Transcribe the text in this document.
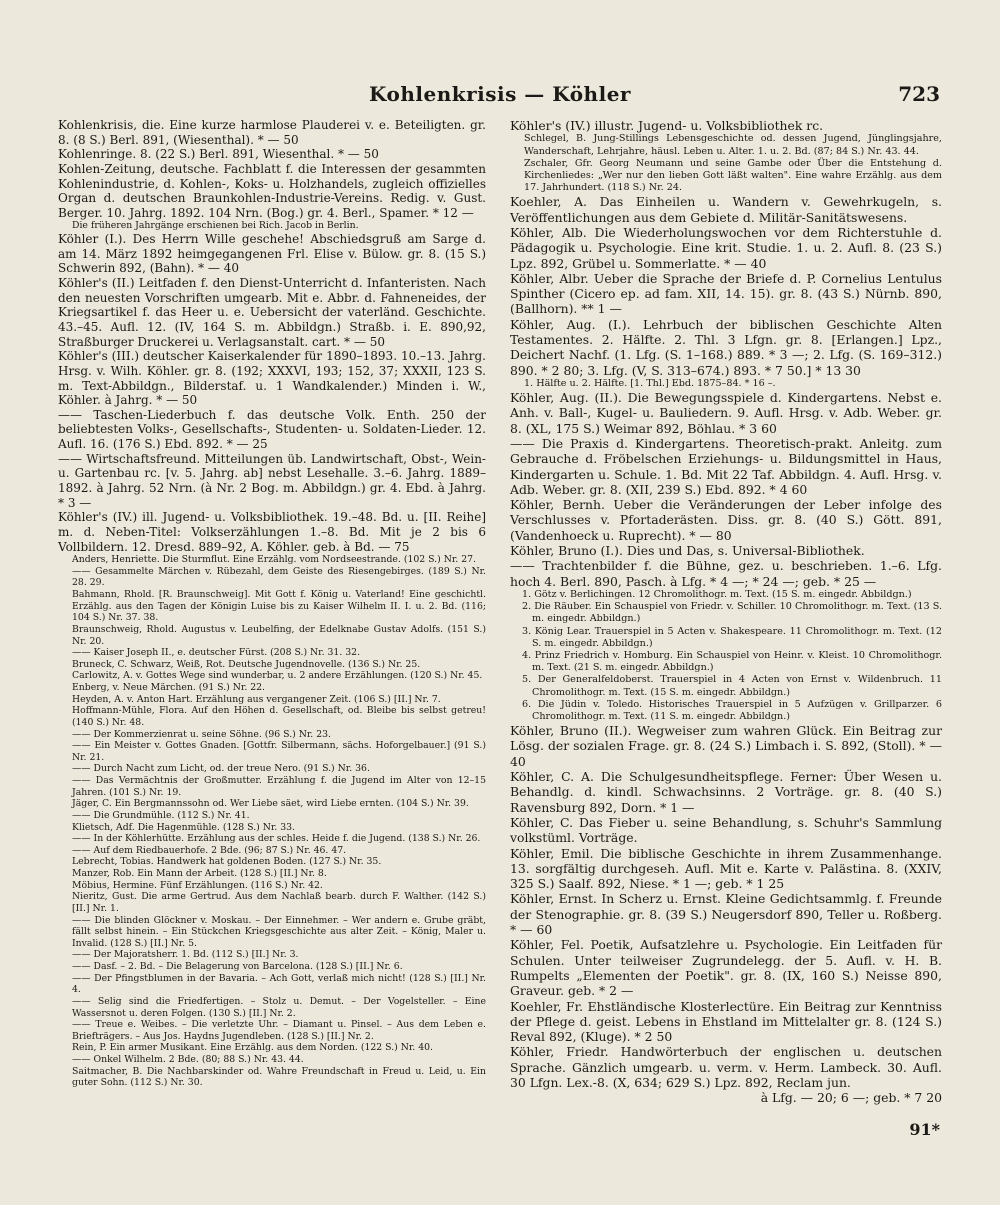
Kohlenkrisis — Köhler	723

Kohlenkrisis, die. Eine kurze harmlose Plauderei v. e. Beteiligten. gr. 8. (8 S.) Berl. 891, (Wiesenthal). * — 50

Kohlenringe. 8. (22 S.) Berl. 891, Wiesenthal. * — 50

Kohlen-Zeitung, deutsche. Fachblatt f. die Interessen der gesammten Kohlenindustrie, d. Kohlen-, Koks- u. Holzhandels, zugleich offizielles Organ d. deutschen Braunkohlen-Industrie-Vereins. Redig. v. Gust. Berger. 10. Jahrg. 1892. 104 Nrn. (Bog.) gr. 4. Berl., Spamer. * 12 —

Die früheren Jahrgänge erschienen bei Rich. Jacob in Berlin.

Köhler (I.). Des Herrn Wille geschehe! Abschiedsgruß am Sarge d. am 14. März 1892 heimgegangenen Frl. Elise v. Bülow. gr. 8. (15 S.) Schwerin 892, (Bahn). * — 40

Köhler's (II.) Leitfaden f. den Dienst-Unterricht d. Infanteristen. Nach den neuesten Vorschriften umgearb. Mit e. Abbr. d. Fahneneides, der Kriegsartikel f. das Heer u. e. Uebersicht der vaterländ. Geschichte. 43.–45. Aufl. 12. (IV, 164 S. m. Abbildgn.) Straßb. i. E. 890,92, Straßburger Druckerei u. Verlagsanstalt. cart. * — 50

Köhler's (III.) deutscher Kaiserkalender für 1890–1893. 10.–13. Jahrg. Hrsg. v. Wilh. Köhler. gr. 8. (192; XXXVI, 193; 152, 37; XXXII, 123 S. m. Text-Abbildgn., Bilderstaf. u. 1 Wandkalender.) Minden i. W., Köhler. à Jahrg. * — 50

—— Taschen-Liederbuch f. das deutsche Volk. Enth. 250 der beliebtesten Volks-, Gesellschafts-, Studenten- u. Soldaten-Lieder. 12. Aufl. 16. (176 S.) Ebd. 892. * — 25

—— Wirtschaftsfreund. Mitteilungen üb. Landwirtschaft, Obst-, Wein- u. Gartenbau rc. [v. 5. Jahrg. ab] nebst Lesehalle. 3.–6. Jahrg. 1889–1892. à Jahrg. 52 Nrn. (à Nr. 2 Bog. m. Abbildgn.) gr. 4. Ebd. à Jahrg. * 3 —

Köhler's (IV.) ill. Jugend- u. Volksbibliothek. 19.–48. Bd. u. [II. Reihe] m. d. Neben-Titel: Volkserzählungen 1.–8. Bd. Mit je 2 bis 6 Vollbildern. 12. Dresd. 889–92, A. Köhler. geb. à Bd. — 75

Anders, Henriette. Die Sturmflut. Eine Erzählg. vom Nordseestrande. (102 S.) Nr. 27.

—— Gesammelte Märchen v. Rübezahl, dem Geiste des Riesengebirges. (189 S.) Nr. 28. 29.

Bahmann, Rhold. [R. Braunschweig]. Mit Gott f. König u. Vaterland! Eine geschichtl. Erzählg. aus den Tagen der Königin Luise bis zu Kaiser Wilhelm II. I. u. 2. Bd. (116; 104 S.) Nr. 37. 38.

Braunschweig, Rhold. Augustus v. Leubelfing, der Edelknabe Gustav Adolfs. (151 S.) Nr. 20.

—— Kaiser Joseph II., e. deutscher Fürst. (208 S.) Nr. 31. 32.

Bruneck, C. Schwarz, Weiß, Rot. Deutsche Jugendnovelle. (136 S.) Nr. 25.

Carlowitz, A. v. Gottes Wege sind wunderbar, u. 2 andere Erzählungen. (120 S.) Nr. 45.

Enberg, v. Neue Märchen. (91 S.) Nr. 22.

Heyden, A. v. Anton Hart. Erzählung aus vergangener Zeit. (106 S.) [II.] Nr. 7.

Hoffmann-Mühle, Flora. Auf den Höhen d. Gesellschaft, od. Bleibe bis selbst getreu! (140 S.) Nr. 48.

—— Der Kommerzienrat u. seine Söhne. (96 S.) Nr. 23.

—— Ein Meister v. Gottes Gnaden. [Gottfr. Silbermann, sächs. Hoforgelbauer.] (91 S.) Nr. 21.

—— Durch Nacht zum Licht, od. der treue Nero. (91 S.) Nr. 36.

—— Das Vermächtnis der Großmutter. Erzählung f. die Jugend im Alter von 12–15 Jahren. (101 S.) Nr. 19.

Jäger, C. Ein Bergmannssohn od. Wer Liebe säet, wird Liebe ernten. (104 S.) Nr. 39.

—— Die Grundmühle. (112 S.) Nr. 41.

Klietsch, Adf. Die Hagenmühle. (128 S.) Nr. 33.

—— In der Köhlerhütte. Erzählung aus der schles. Heide f. die Jugend. (138 S.) Nr. 26.

—— Auf dem Riedbauerhofe. 2 Bde. (96; 87 S.) Nr. 46. 47.

Lebrecht, Tobias. Handwerk hat goldenen Boden. (127 S.) Nr. 35.

Manzer, Rob. Ein Mann der Arbeit. (128 S.) [II.] Nr. 8.

Möbius, Hermine. Fünf Erzählungen. (116 S.) Nr. 42.

Nieritz, Gust. Die arme Gertrud. Aus dem Nachlaß bearb. durch F. Walther. (142 S.) [II.] Nr. 1.

—— Die blinden Glöckner v. Moskau. – Der Einnehmer. – Wer andern e. Grube gräbt, fällt selbst hinein. – Ein Stückchen Kriegsgeschichte aus alter Zeit. – König, Maler u. Invalid. (128 S.) [II.] Nr. 5.

—— Der Majoratsherr. 1. Bd. (112 S.) [II.] Nr. 3.

—— Dasf. – 2. Bd. – Die Belagerung von Barcelona. (128 S.) [II.] Nr. 6.

—— Der Pfingstblumen in der Bavaria. – Ach Gott, verlaß mich nicht! (128 S.) [II.] Nr. 4.

—— Selig sind die Friedfertigen. – Stolz u. Demut. – Der Vogelsteller. – Eine Wassersnot u. deren Folgen. (130 S.) [II.] Nr. 2.

—— Treue e. Weibes. – Die verletzte Uhr. – Diamant u. Pinsel. – Aus dem Leben e. Briefträgers. – Aus Jos. Haydns Jugendleben. (128 S.) [II.] Nr. 2.

Rein, P. Ein armer Musikant. Eine Erzählg. aus dem Norden. (122 S.) Nr. 40.

—— Onkel Wilhelm. 2 Bde. (80; 88 S.) Nr. 43. 44.

Saitmacher, B. Die Nachbarskinder od. Wahre Freundschaft in Freud u. Leid, u. Ein guter Sohn. (112 S.) Nr. 30.

Köhler's (IV.) illustr. Jugend- u. Volksbibliothek rc.

Schlegel, B. Jung-Stillings Lebensgeschichte od. dessen Jugend, Jünglingsjahre, Wanderschaft, Lehrjahre, häusl. Leben u. Alter. 1. u. 2. Bd. (87; 84 S.) Nr. 43. 44.

Zschaler, Gfr. Georg Neumann und seine Gambe oder Über die Entstehung d. Kirchenliedes: „Wer nur den lieben Gott läßt walten". Eine wahre Erzählg. aus dem 17. Jahrhundert. (118 S.) Nr. 24.

Koehler, A. Das Einheilen u. Wandern v. Gewehrkugeln, s. Veröffentlichungen aus dem Gebiete d. Militär-Sanitätswesens.

Köhler, Alb. Die Wiederholungswochen vor dem Richterstuhle d. Pädagogik u. Psychologie. Eine krit. Studie. 1. u. 2. Aufl. 8. (23 S.) Lpz. 892, Grübel u. Sommerlatte. * — 40

Köhler, Albr. Ueber die Sprache der Briefe d. P. Cornelius Lentulus Spinther (Cicero ep. ad fam. XII, 14. 15). gr. 8. (43 S.) Nürnb. 890, (Ballhorn). ** 1 —

Köhler, Aug. (I.). Lehrbuch der biblischen Geschichte Alten Testamentes. 2. Hälfte. 2. Thl. 3 Lfgn. gr. 8. [Erlangen.] Lpz., Deichert Nachf. (1. Lfg. (S. 1–168.) 889. * 3 —; 2. Lfg. (S. 169–312.) 890. * 2 80; 3. Lfg. (V, S. 313–674.) 893. * 7 50.] * 13 30

1. Hälfte u. 2. Hälfte. [1. Thl.] Ebd. 1875–84. * 16 –.

Köhler, Aug. (II.). Die Bewegungsspiele d. Kindergartens. Nebst e. Anh. v. Ball-, Kugel- u. Bauliedern. 9. Aufl. Hrsg. v. Adb. Weber. gr. 8. (XL, 175 S.) Weimar 892, Böhlau. * 3 60

—— Die Praxis d. Kindergartens. Theoretisch-prakt. Anleitg. zum Gebrauche d. Fröbelschen Erziehungs- u. Bildungsmittel in Haus, Kindergarten u. Schule. 1. Bd. Mit 22 Taf. Abbildgn. 4. Aufl. Hrsg. v. Adb. Weber. gr. 8. (XII, 239 S.) Ebd. 892. * 4 60

Köhler, Bernh. Ueber die Veränderungen der Leber infolge des Verschlusses v. Pfortaderästen. Diss. gr. 8. (40 S.) Gött. 891, (Vandenhoeck u. Ruprecht). * — 80

Köhler, Bruno (I.). Dies und Das, s. Universal-Bibliothek.

—— Trachtenbilder f. die Bühne, gez. u. beschrieben. 1.–6. Lfg. hoch 4. Berl. 890, Pasch. à Lfg. * 4 —; * 24 —; geb. * 25 —

1. Götz v. Berlichingen. 12 Chromolithogr. m. Text. (15 S. m. eingedr. Abbildgn.)

2. Die Räuber. Ein Schauspiel von Friedr. v. Schiller. 10 Chromolithogr. m. Text. (13 S. m. eingedr. Abbildgn.)

3. König Lear. Trauerspiel in 5 Acten v. Shakespeare. 11 Chromolithogr. m. Text. (12 S. m. eingedr. Abbildgn.)

4. Prinz Friedrich v. Homburg. Ein Schauspiel von Heinr. v. Kleist. 10 Chromolithogr. m. Text. (21 S. m. eingedr. Abbildgn.)

5. Der Generalfeldoberst. Trauerspiel in 4 Acten von Ernst v. Wildenbruch. 11 Chromolithogr. m. Text. (15 S. m. eingedr. Abbildgn.)

6. Die Jüdin v. Toledo. Historisches Trauerspiel in 5 Aufzügen v. Grillparzer. 6 Chromolithogr. m. Text. (11 S. m. eingedr. Abbildgn.)

Köhler, Bruno (II.). Wegweiser zum wahren Glück. Ein Beitrag zur Lösg. der sozialen Frage. gr. 8. (24 S.) Limbach i. S. 892, (Stoll). * — 40

Köhler, C. A. Die Schulgesundheitspflege. Ferner: Über Wesen u. Behandlg. d. kindl. Schwachsinns. 2 Vorträge. gr. 8. (40 S.) Ravensburg 892, Dorn. * 1 —

Köhler, C. Das Fieber u. seine Behandlung, s. Schuhr's Sammlung volkstüml. Vorträge.

Köhler, Emil. Die biblische Geschichte in ihrem Zusammenhange. 13. sorgfältig durchgeseh. Aufl. Mit e. Karte v. Palästina. 8. (XXIV, 325 S.) Saalf. 892, Niese. * 1 —; geb. * 1 25

Köhler, Ernst. In Scherz u. Ernst. Kleine Gedichtsammlg. f. Freunde der Stenographie. gr. 8. (39 S.) Neugersdorf 890, Teller u. Roßberg. * — 60

Köhler, Fel. Poetik, Aufsatzlehre u. Psychologie. Ein Leitfaden für Schulen. Unter teilweiser Zugrundelegg. der 5. Aufl. v. H. B. Rumpelts „Elementen der Poetik". gr. 8. (IX, 160 S.) Neisse 890, Graveur. geb. * 2 —

Koehler, Fr. Ehstländische Klosterlectüre. Ein Beitrag zur Kenntniss der Pflege d. geist. Lebens in Ehstland im Mittelalter gr. 8. (124 S.) Reval 892, (Kluge). * 2 50

Köhler, Friedr. Handwörterbuch der englischen u. deutschen Sprache. Gänzlich umgearb. u. verm. v. Herm. Lambeck. 30. Aufl. 30 Lfgn. Lex.-8. (X, 634; 629 S.) Lpz. 892, Reclam jun.

à Lfg. — 20; 6 —; geb. * 7 20

91*
